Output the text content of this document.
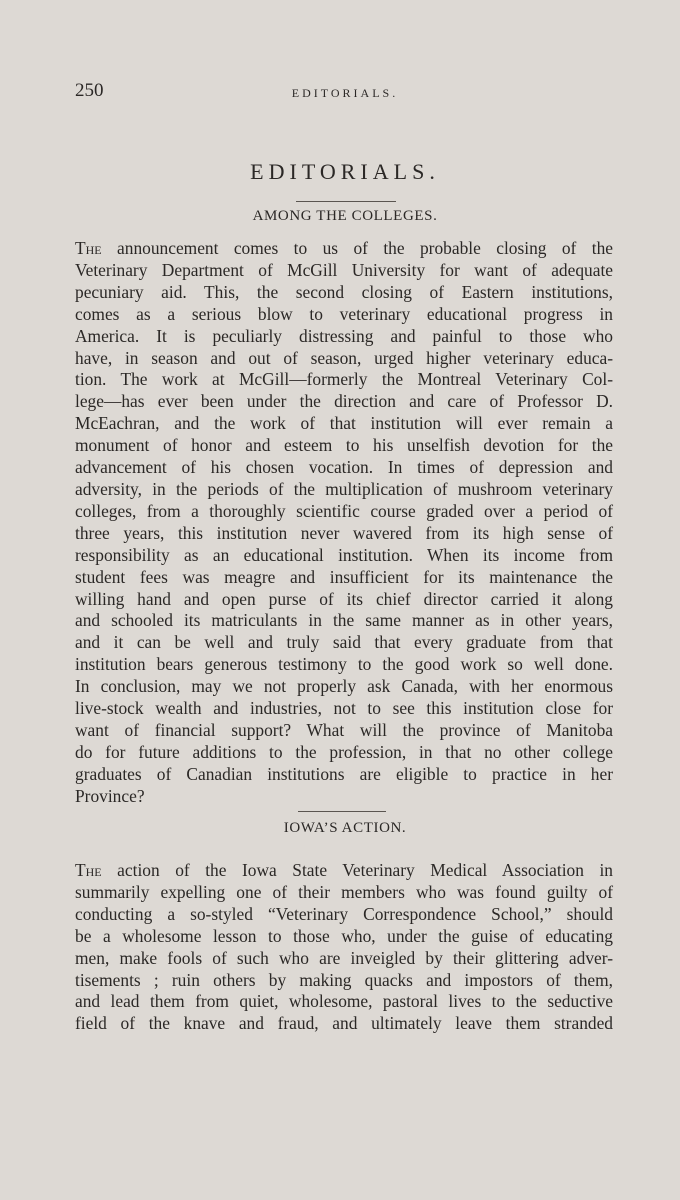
250	EDITORIALS.
EDITORIALS.
AMONG THE COLLEGES.
The announcement comes to us of the probable closing of the
Veterinary Department of McGill University for want of adequate
pecuniary aid. This, the second closing of Eastern institutions,
comes as a serious blow to veterinary educational progress in
America. It is peculiarly distressing and painful to those who
have, in season and out of season, urged higher veterinary educa-
tion. The work at McGill—formerly the Montreal Veterinary Col-
lege—has ever been under the direction and care of Professor D.
McEachran, and the work of that institution will ever remain a
monument of honor and esteem to his unselfish devotion for the
advancement of his chosen vocation. In times of depression and
adversity, in the periods of the multiplication of mushroom veterinary
colleges, from a thoroughly scientific course graded over a period of
three years, this institution never wavered from its high sense of
responsibility as an educational institution. When its income from
student fees was meagre and insufficient for its maintenance the
willing hand and open purse of its chief director carried it along
and schooled its matriculants in the same manner as in other years,
and it can be well and truly said that every graduate from that
institution bears generous testimony to the good work so well done.
In conclusion, may we not properly ask Canada, with her enormous
live-stock wealth and industries, not to see this institution close for
want of financial support? What will the province of Manitoba
do for future additions to the profession, in that no other college
graduates of Canadian institutions are eligible to practice in her
Province?
IOWA’S ACTION.
The action of the Iowa State Veterinary Medical Association in
summarily expelling one of their members who was found guilty of
conducting a so-styled “Veterinary Correspondence School,” should
be a wholesome lesson to those who, under the guise of educating
men, make fools of such who are inveigled by their glittering adver-
tisements ; ruin others by making quacks and impostors of them,
and lead them from quiet, wholesome, pastoral lives to the seductive
field of the knave and fraud, and ultimately leave them stranded
